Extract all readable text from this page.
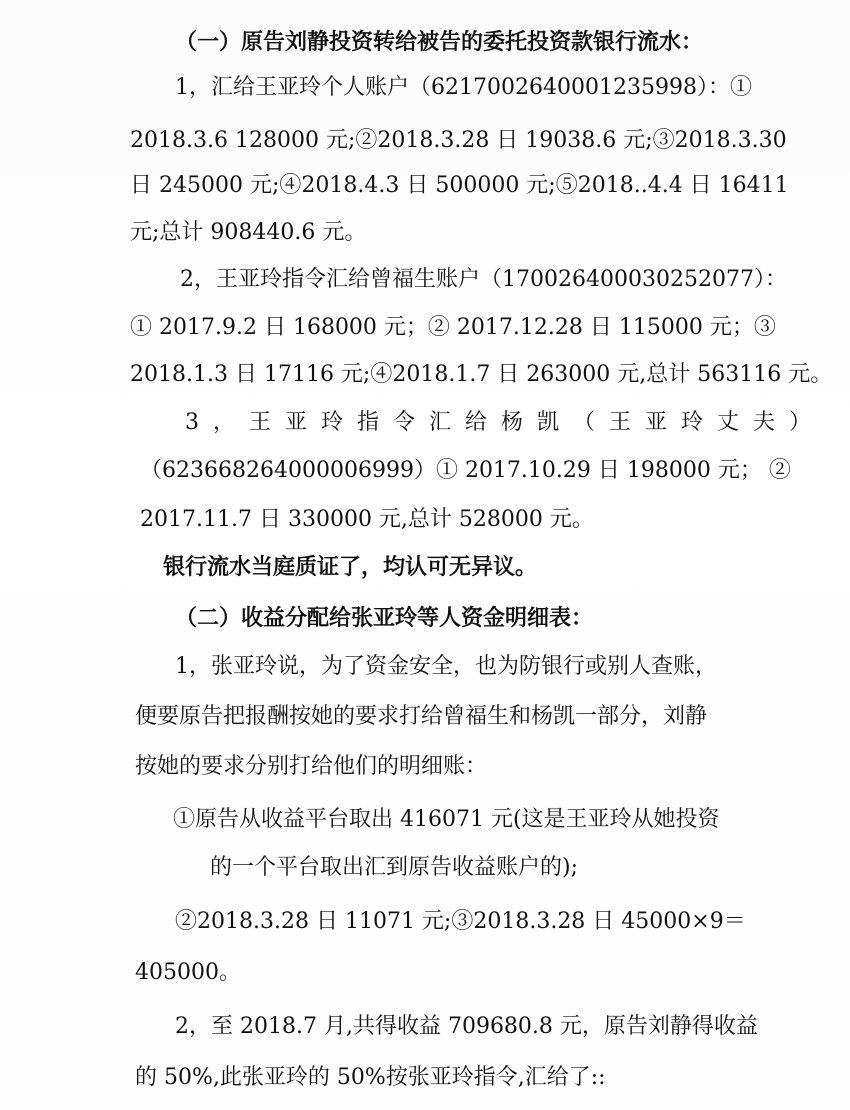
（一）原告刘静投资转给被告的委托投资款银行流水：
1，汇给王亚玲个人账户（6217002640001235998）：①
2018.3.6 128000 元;②2018.3.28 日 19038.6 元;③2018.3.30
日 245000 元;④2018.4.3 日 500000 元;⑤2018..4.4 日 16411
元;总计 908440.6 元。
2，王亚玲指令汇给曾福生账户（17002640003025​2077）：
① 2017.9.2 日 168000 元；② 2017.12.28 日 115000 元；③
2018.1.3 日 17116 元;④2018.1.7 日 263000 元,总计 563116 元。
3，王亚玲指令汇给杨凯（王亚玲丈夫）
（6236682640000069​99）① 2017.10.29 日 198000 元； ②
2017.11.7 日 330000 元,总计 528000 元。
银行流水当庭质证了，均认可无异议。
（二）收益分配给张亚玲等人资金明细表：
1，张亚玲说，为了资金安全，也为防银行或别人查账，
便要原告把报酬按她的要求打给曾福生和杨凯一部分，刘静
按她的要求分别打给他们的明细账：
①原告从收益平台取出 416071 元(这是王亚玲从她投资
的一个平台取出汇到原告收益账户的);
②2018.3.28 日 11071 元;③2018.3.28 日 45000×9＝
405000。
2，至 2018.7 月,共得收益 709680.8 元，原告刘静得收益
的 50%,此张亚玲的 50%按张亚玲指令,汇给了::
